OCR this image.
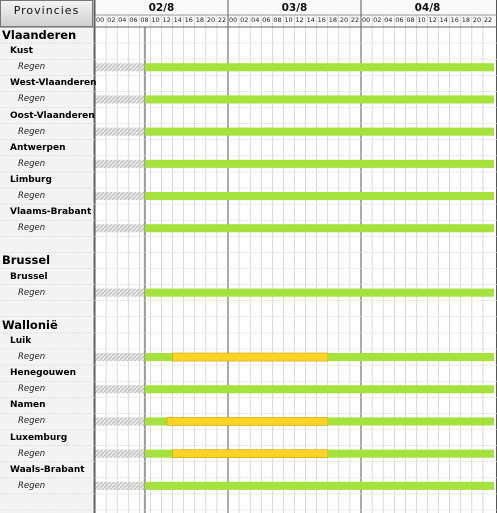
Provincies
Vlaanderen
Kust
Regen
West-Vlaanderen
Regen
Oost-Vlaanderen
Regen
Antwerpen
Regen
Limburg
Regen
Vlaams-Brabant
Regen
Brussel
Brussel
Regen
Wallonië
Luik
Regen
Henegouwen
Regen
Namen
Regen
Luxemburg
Regen
Waals-Brabant
Regen
02/8
00 02 04 06 08 10 12 14 16 18 20 22
03/8
00 02 04 06 08 10 12 14 16 18 20 22
04/8
00 02 04 06 08 10 12 14 16 18 20 22
